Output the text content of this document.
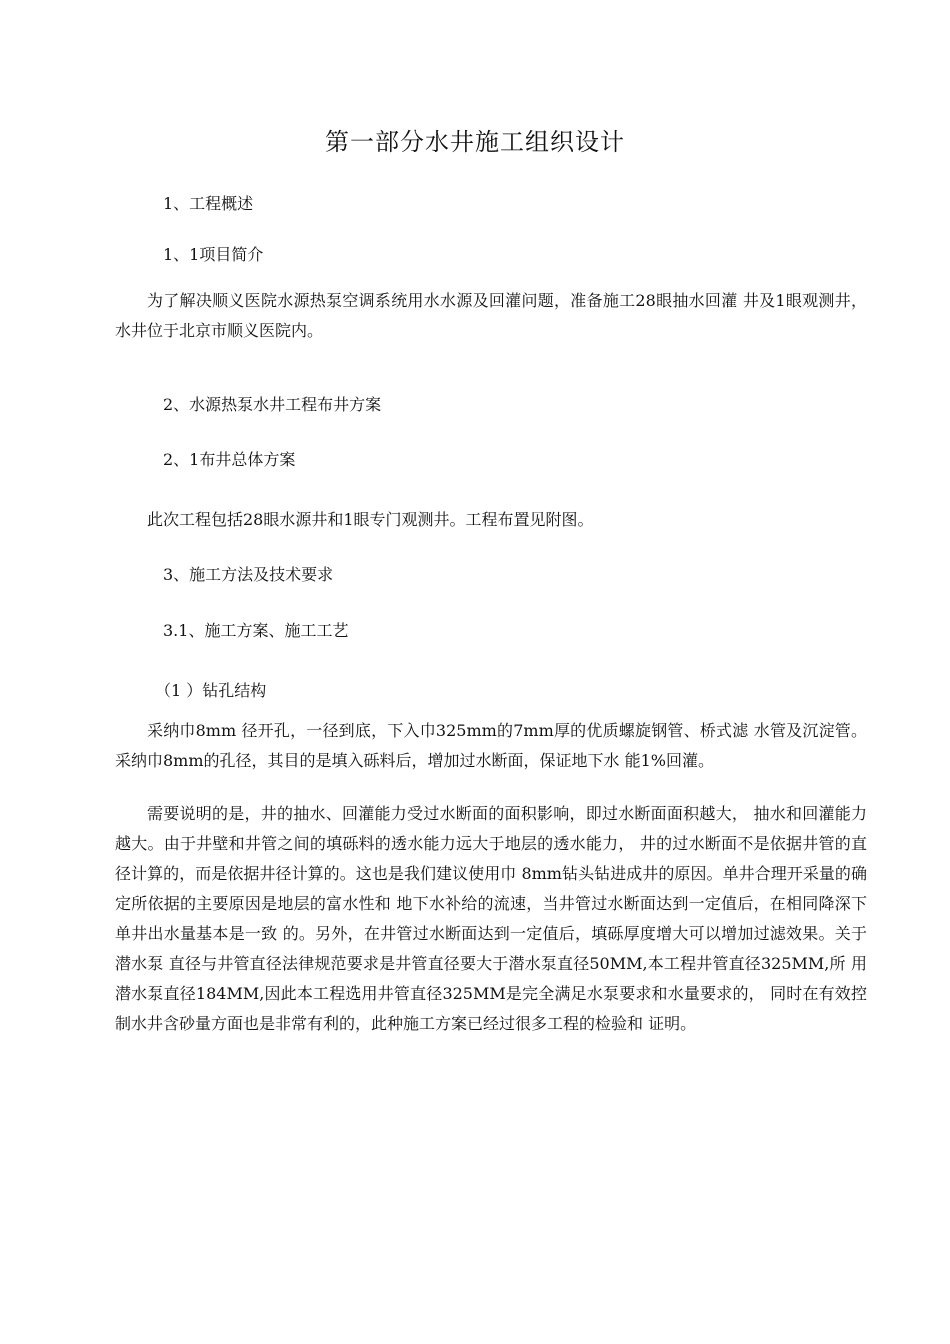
第一部分水井施工组织设计
1、工程概述
1、1项目简介
为了解决顺义医院水源热泵空调系统用水水源及回灌问题，准备施工28眼抽水回灌 井及1眼观测井，水井位于北京市顺义医院内。
2、水源热泵水井工程布井方案
2、1布井总体方案
此次工程包括28眼水源井和1眼专门观测井。工程布置见附图。
3、施工方法及技术要求
3.1、施工方案、施工工艺
（1 ）钻孔结构
采纳巾8mm 径开孔，一径到底，下入巾325mm的7mm厚的优质螺旋钢管、桥式滤 水管及沉淀管。采纳巾8mm的孔径，其目的是填入砾料后，增加过水断面，保证地下水 能1%回灌。
需要说明的是，井的抽水、回灌能力受过水断面的面积影响，即过水断面面积越大， 抽水和回灌能力越大。由于井壁和井管之间的填砾料的透水能力远大于地层的透水能力， 井的过水断面不是依据井管的直径计算的，而是依据井径计算的。这也是我们建议使用巾 8mm钻头钻进成井的原因。单井合理开采量的确定所依据的主要原因是地层的富水性和 地下水补给的流速，当井管过水断面达到一定值后，在相同降深下单井出水量基本是一致 的。另外，在井管过水断面达到一定值后，填砾厚度增大可以增加过滤效果。关于潜水泵 直径与井管直径法律规范要求是井管直径要大于潜水泵直径50MM,本工程井管直径325MM,所 用潜水泵直径184MM,因此本工程选用井管直径325MM是完全满足水泵要求和水量要求的， 同时在有效控制水井含砂量方面也是非常有利的，此种施工方案已经过很多工程的检验和 证明。
